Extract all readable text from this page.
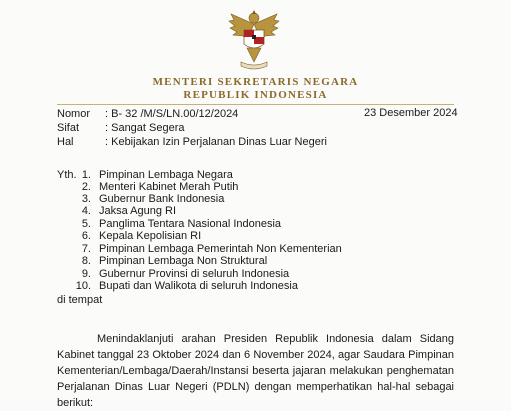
MENTERI SEKRETARIS NEGARA
REPUBLIK INDONESIA
Nomor : B- 32 /M/S/LN.00/12/2024	23 Desember 2024
Sifat : Sangat Segera
Hal	: Kebijakan Izin Perjalanan Dinas Luar Negeri
Yth. 1. Pimpinan Lembaga Negara
2. Menteri Kabinet Merah Putih
3. Gubernur Bank Indonesia
4. Jaksa Agung RI
5. Panglima Tentara Nasional Indonesia
6. Kepala Kepolisian RI
7. Pimpinan Lembaga Pemerintah Non Kementerian
8. Pimpinan Lembaga Non Struktural
9. Gubernur Provinsi di seluruh Indonesia
10. Bupati dan Walikota di seluruh Indonesia
di tempat
Menindaklanjuti arahan Presiden Republik Indonesia dalam Sidang Kabinet tanggal 23 Oktober 2024 dan 6 November 2024, agar Saudara Pimpinan Kementerian/Lembaga/Daerah/Instansi beserta jajaran melakukan penghematan Perjalanan Dinas Luar Negeri (PDLN) dengan memperhatikan hal-hal sebagai berikut:
